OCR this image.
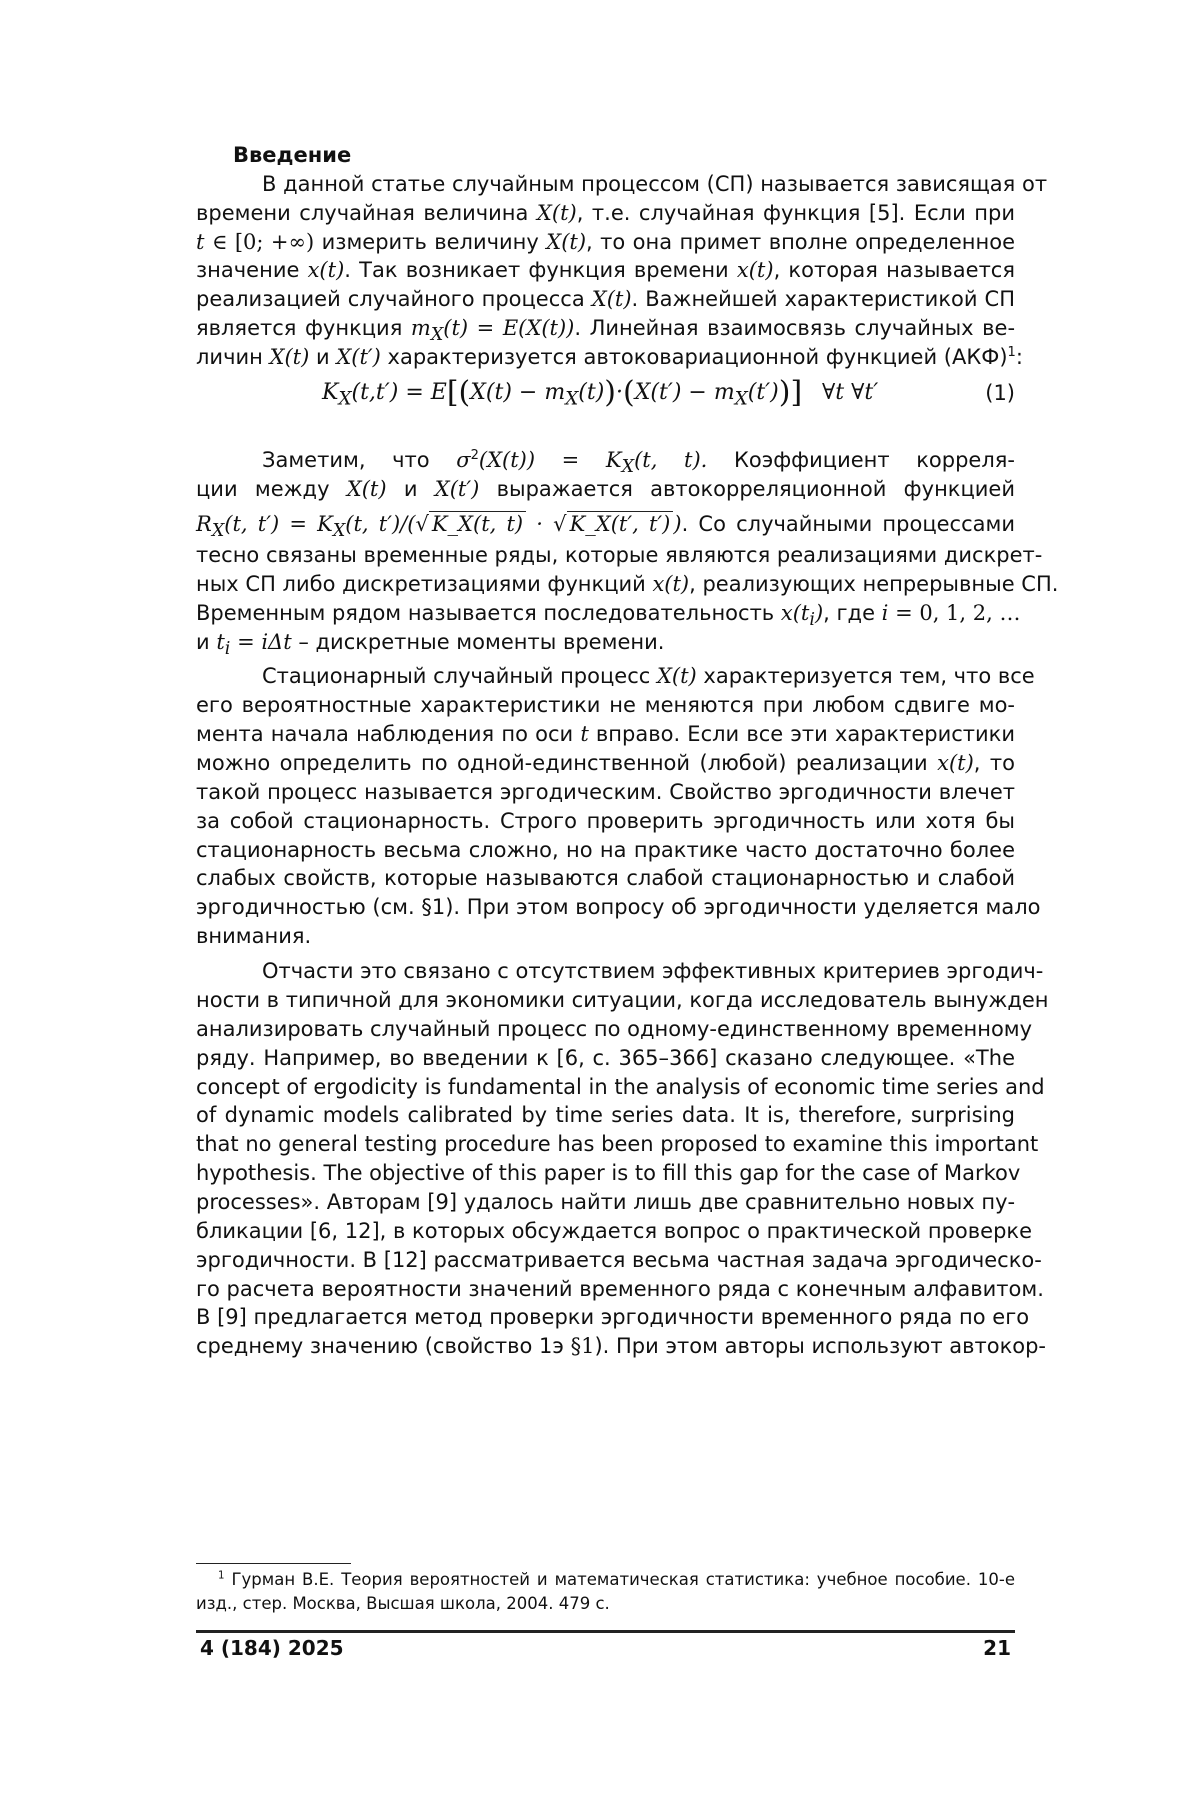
Введение
В данной статье случайным процессом (СП) называется зависящая от
времени случайная величина X(t), т.е. случайная функция [5]. Если при
t ∈ [0; +∞) измерить величину X(t), то она примет вполне определенное
значение x(t). Так возникает функция времени x(t), которая называется
реализацией случайного процесса X(t). Важнейшей характеристикой СП
является функция mX(t) = E(X(t)). Линейная взаимосвязь случайных ве-
личин X(t) и X(t′) характеризуется автоковариационной функцией (АКФ)1:
KX(t,t′) = E[(X(t) − mX(t))·(X(t′) − mX(t′))] ∀t ∀t′	(1)
Заметим, что σ2(X(t)) = KX(t, t). Коэффициент корреля-
ции между X(t) и X(t′) выражается автокорреляционной функцией
RX(t, t′) = KX(t, t′)/(√ K_X(t, t) · √ K_X(t′, t′) ). Со случайными процессами
тесно связаны временные ряды, которые являются реализациями дискрет-
ных СП либо дискретизациями функций x(t), реализующих непрерывные СП.
Временным рядом называется последовательность x(ti), где i = 0, 1, 2, …
и ti = iΔt – дискретные моменты времени.
Стационарный случайный процесс X(t) характеризуется тем, что все
его вероятностные характеристики не меняются при любом сдвиге мо-
мента начала наблюдения по оси t вправо. Если все эти характеристики
можно определить по одной-единственной (любой) реализации x(t), то
такой процесс называется эргодическим. Свойство эргодичности влечет
за собой стационарность. Строго проверить эргодичность или хотя бы
стационарность весьма сложно, но на практике часто достаточно более
слабых свойств, которые называются слабой стационарностью и слабой
эргодичностью (см. §1). При этом вопросу об эргодичности уделяется мало
внимания.
Отчасти это связано с отсутствием эффективных критериев эргодич-
ности в типичной для экономики ситуации, когда исследователь вынужден
анализировать случайный процесс по одному-единственному временному
ряду. Например, во введении к [6, с. 365–366] сказано следующее. «The
concept of ergodicity is fundamental in the analysis of economic time series and
of dynamic models calibrated by time series data. It is, therefore, surprising
that no general testing procedure has been proposed to examine this important
hypothesis. The objective of this paper is to fill this gap for the case of Markov
processes». Авторам [9] удалось найти лишь две сравнительно новых пу-
бликации [6, 12], в которых обсуждается вопрос о практической проверке
эргодичности. В [12] рассматривается весьма частная задача эргодическо-
го расчета вероятности значений временного ряда с конечным алфавитом.
В [9] предлагается метод проверки эргодичности временного ряда по его
среднему значению (свойство 1э §1). При этом авторы используют автокор-
1 Гурман В.Е. Теория вероятностей и математическая статистика: учебное пособие. 10-е
изд., стер. Москва, Высшая школа, 2004. 479 с.
4 (184) 2025	21
